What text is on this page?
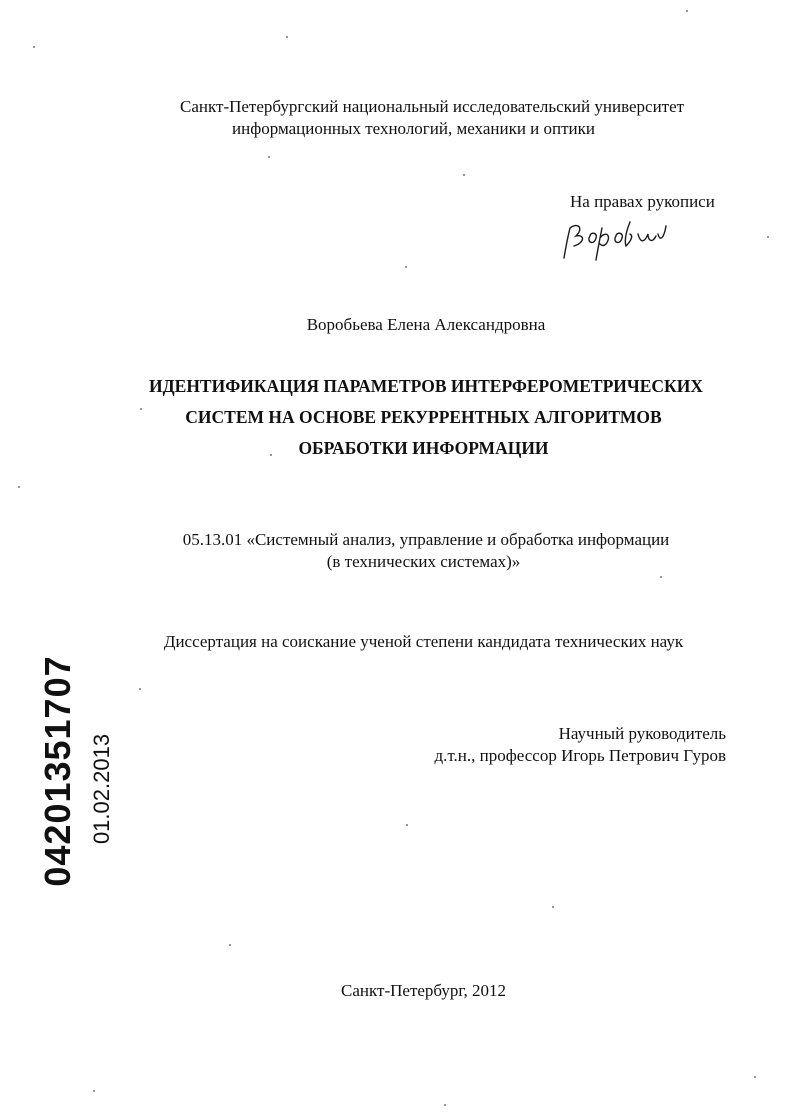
Санкт-Петербургский национальный исследовательский университет
информационных технологий, механики и оптики
На правах рукописи
Воробьева Елена Александровна
ИДЕНТИФИКАЦИЯ ПАРАМЕТРОВ ИНТЕРФЕРОМЕТРИЧЕСКИХ
СИСТЕМ НА ОСНОВЕ РЕКУРРЕНТНЫХ АЛГОРИТМОВ
ОБРАБОТКИ ИНФОРМАЦИИ
05.13.01 «Системный анализ, управление и обработка информации
(в технических системах)»
Диссертация на соискание ученой степени кандидата технических наук
Научный руководитель
д.т.н., профессор Игорь Петрович Гуров
Санкт-Петербург, 2012
04201351707 01.02.2013
